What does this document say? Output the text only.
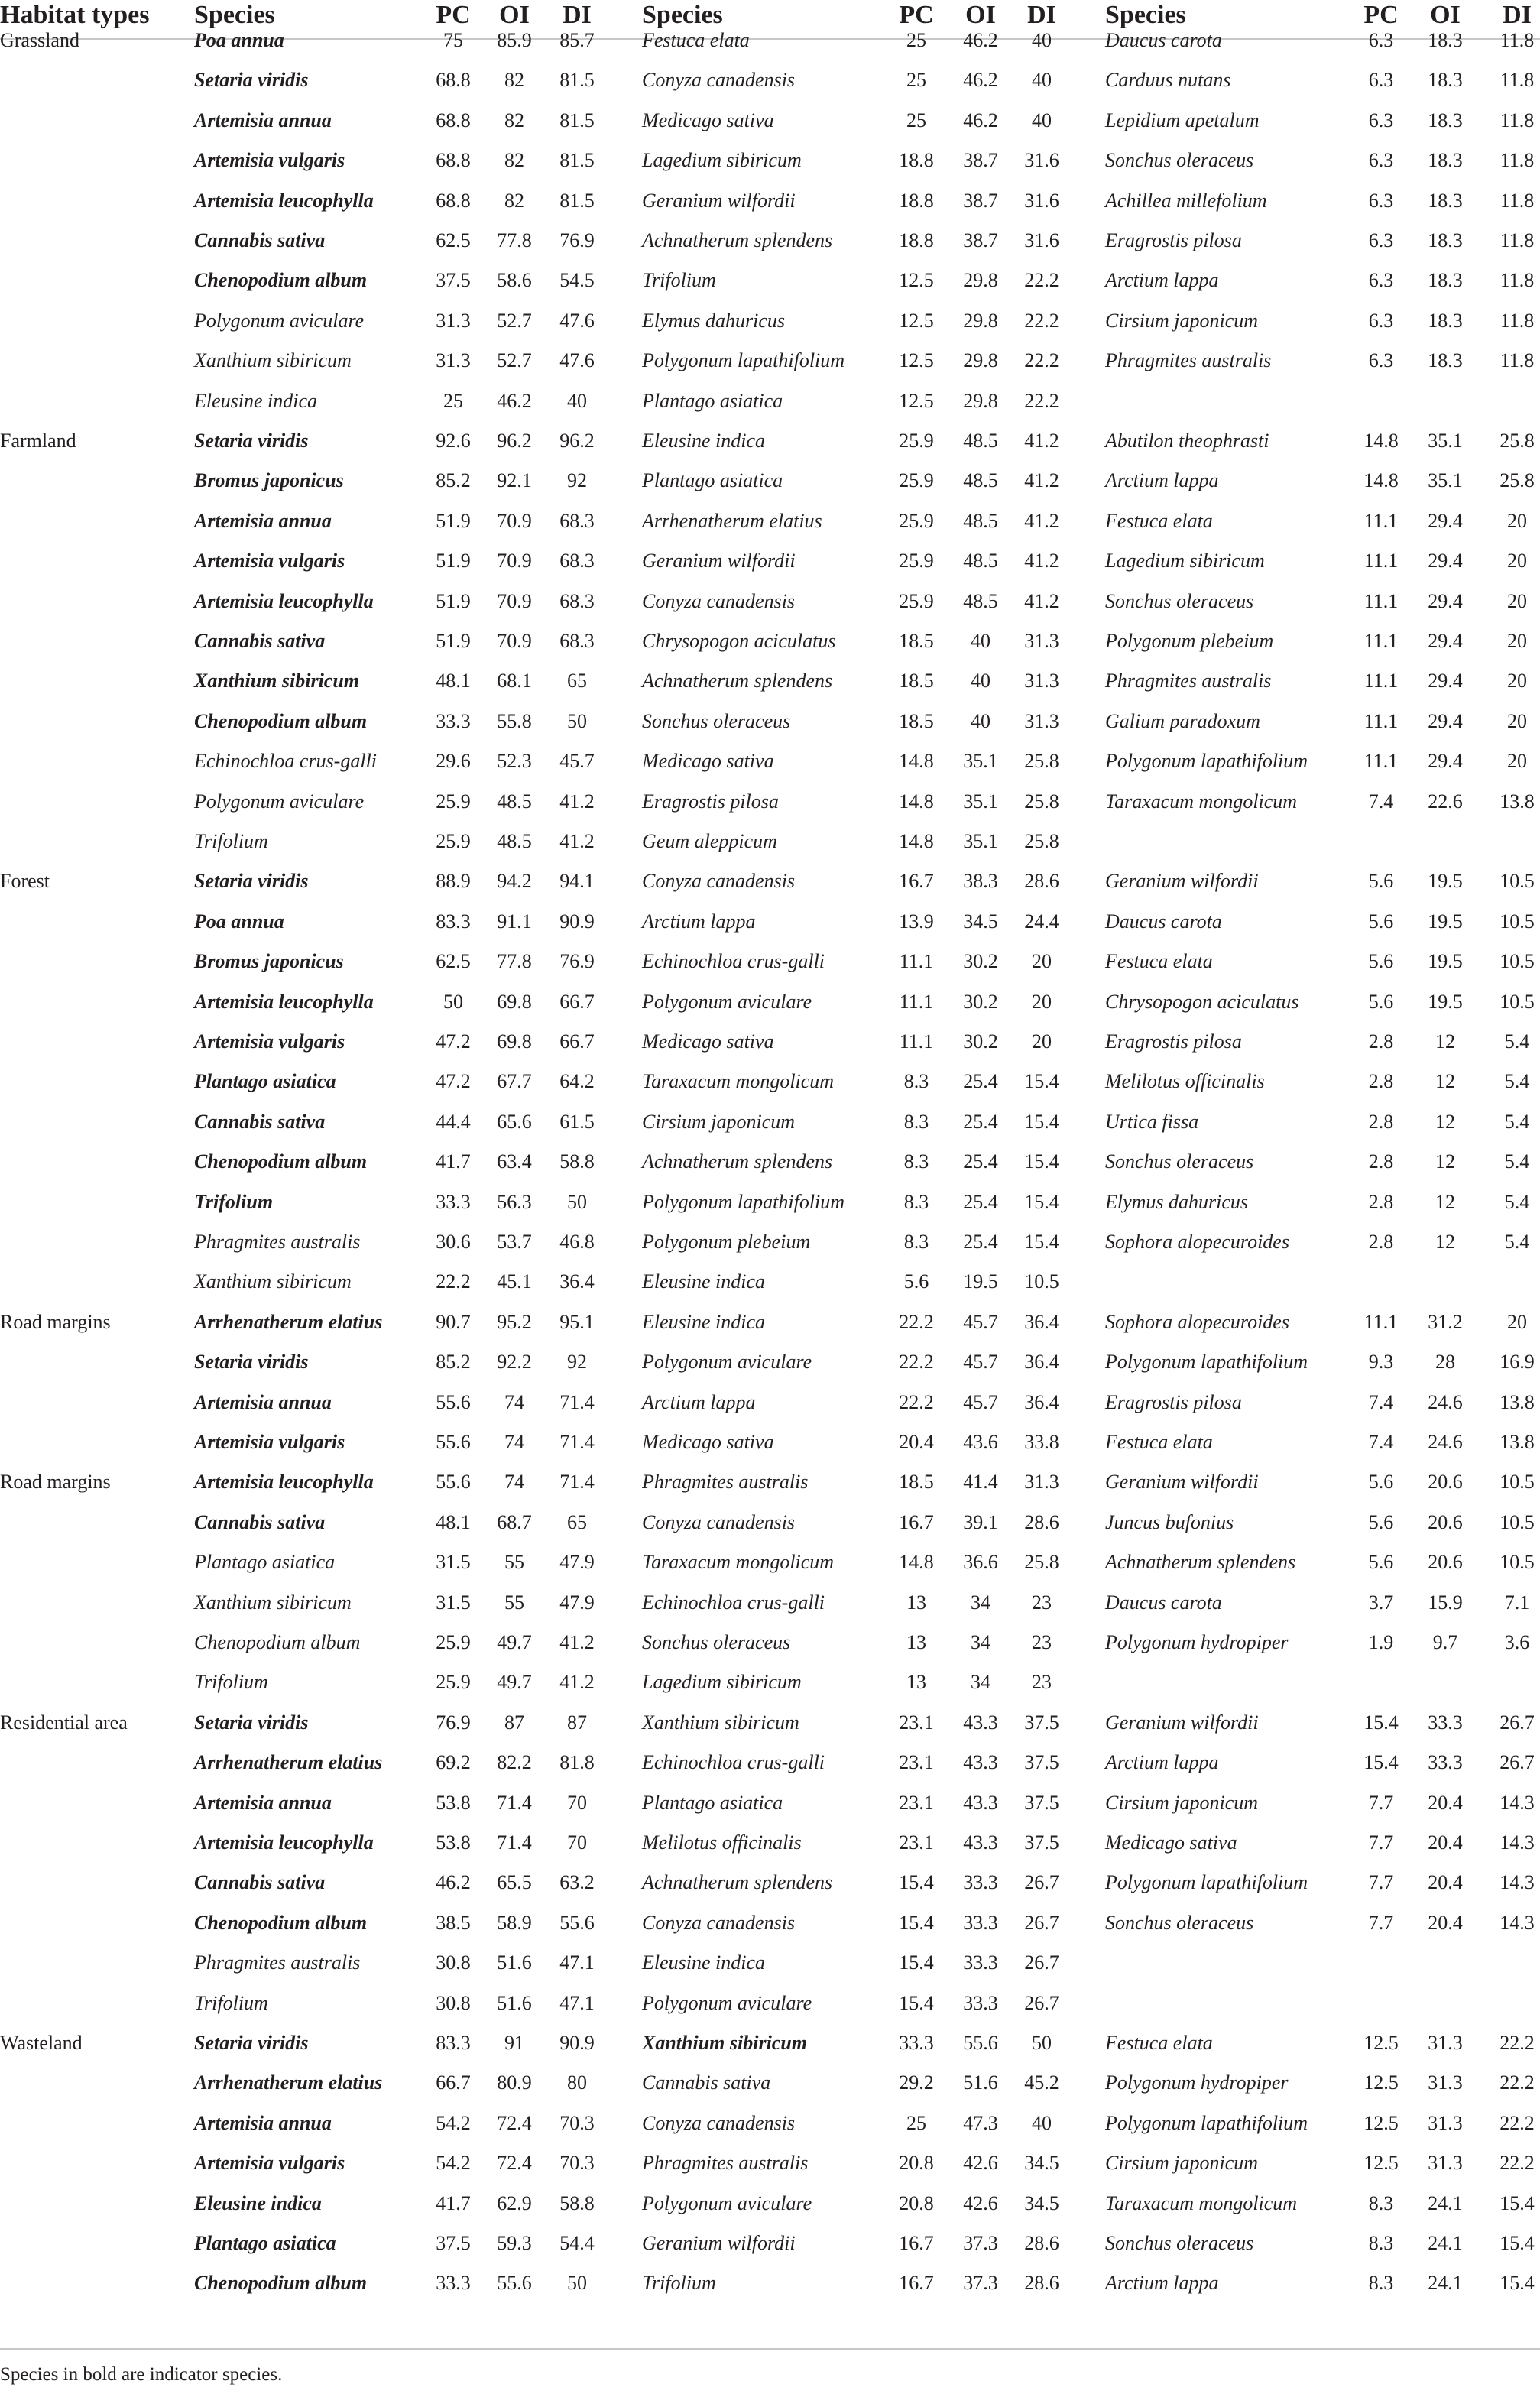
Habitat types Species	PC	OI	DI	Species	PC	OI	DI	Species	PC	OI	DI
Grassland	Poa annua	75	85.9	85.7	Festuca elata	25	46.2	40	Daucus carota	6.3	18.3	11.8
Setaria viridis	68.8	82	81.5	Conyza canadensis	25	46.2	40	Carduus nutans	6.3	18.3	11.8
Artemisia annua	68.8	82	81.5	Medicago sativa	25	46.2	40	Lepidium apetalum	6.3	18.3	11.8
Artemisia vulgaris	68.8	82	81.5	Lagedium sibiricum	18.8	38.7	31.6	Sonchus oleraceus	6.3	18.3	11.8
Artemisia leucophylla	68.8	82	81.5	Geranium wilfordii	18.8	38.7	31.6	Achillea millefolium	6.3	18.3	11.8
Cannabis sativa	62.5	77.8	76.9	Achnatherum splendens	18.8	38.7	31.6	Eragrostis pilosa	6.3	18.3	11.8
Chenopodium album	37.5	58.6	54.5	Trifolium	12.5	29.8	22.2	Arctium lappa	6.3	18.3	11.8
Polygonum aviculare	31.3	52.7	47.6	Elymus dahuricus	12.5	29.8	22.2	Cirsium japonicum	6.3	18.3	11.8
Xanthium sibiricum	31.3	52.7	47.6	Polygonum lapathifolium	12.5	29.8	22.2	Phragmites australis	6.3	18.3	11.8
Eleusine indica	25	46.2	40	Plantago asiatica	12.5	29.8	22.2
Farmland	Setaria viridis	92.6	96.2	96.2	Eleusine indica	25.9	48.5	41.2	Abutilon theophrasti	14.8	35.1	25.8
Bromus japonicus	85.2	92.1	92	Plantago asiatica	25.9	48.5	41.2	Arctium lappa	14.8	35.1	25.8
Artemisia annua	51.9	70.9	68.3	Arrhenatherum elatius	25.9	48.5	41.2	Festuca elata	11.1	29.4	20
Artemisia vulgaris	51.9	70.9	68.3	Geranium wilfordii	25.9	48.5	41.2	Lagedium sibiricum	11.1	29.4	20
Artemisia leucophylla	51.9	70.9	68.3	Conyza canadensis	25.9	48.5	41.2	Sonchus oleraceus	11.1	29.4	20
Cannabis sativa	51.9	70.9	68.3	Chrysopogon aciculatus	18.5	40	31.3	Polygonum plebeium	11.1	29.4	20
Xanthium sibiricum	48.1	68.1	65	Achnatherum splendens	18.5	40	31.3	Phragmites australis	11.1	29.4	20
Chenopodium album	33.3	55.8	50	Sonchus oleraceus	18.5	40	31.3	Galium paradoxum	11.1	29.4	20
Echinochloa crus-galli	29.6	52.3	45.7	Medicago sativa	14.8	35.1	25.8	Polygonum lapathifolium	11.1	29.4	20
Polygonum aviculare	25.9	48.5	41.2	Eragrostis pilosa	14.8	35.1	25.8	Taraxacum mongolicum	7.4	22.6	13.8
Trifolium	25.9	48.5	41.2	Geum aleppicum	14.8	35.1	25.8
Forest	Setaria viridis	88.9	94.2	94.1	Conyza canadensis	16.7	38.3	28.6	Geranium wilfordii	5.6	19.5	10.5
Poa annua	83.3	91.1	90.9	Arctium lappa	13.9	34.5	24.4	Daucus carota	5.6	19.5	10.5
Bromus japonicus	62.5	77.8	76.9	Echinochloa crus-galli	11.1	30.2	20	Festuca elata	5.6	19.5	10.5
Artemisia leucophylla	50	69.8	66.7	Polygonum aviculare	11.1	30.2	20	Chrysopogon aciculatus	5.6	19.5	10.5
Artemisia vulgaris	47.2	69.8	66.7	Medicago sativa	11.1	30.2	20	Eragrostis pilosa	2.8	12	5.4
Plantago asiatica	47.2	67.7	64.2	Taraxacum mongolicum	8.3	25.4	15.4	Melilotus officinalis	2.8	12	5.4
Cannabis sativa	44.4	65.6	61.5	Cirsium japonicum	8.3	25.4	15.4	Urtica fissa	2.8	12	5.4
Chenopodium album	41.7	63.4	58.8	Achnatherum splendens	8.3	25.4	15.4	Sonchus oleraceus	2.8	12	5.4
Trifolium	33.3	56.3	50	Polygonum lapathifolium	8.3	25.4	15.4	Elymus dahuricus	2.8	12	5.4
Phragmites australis	30.6	53.7	46.8	Polygonum plebeium	8.3	25.4	15.4	Sophora alopecuroides	2.8	12	5.4
Xanthium sibiricum	22.2	45.1	36.4	Eleusine indica	5.6	19.5	10.5
Road margins	Arrhenatherum elatius	90.7	95.2	95.1	Eleusine indica	22.2	45.7	36.4	Sophora alopecuroides	11.1	31.2	20
Setaria viridis	85.2	92.2	92	Polygonum aviculare	22.2	45.7	36.4	Polygonum lapathifolium	9.3	28	16.9
Artemisia annua	55.6	74	71.4	Arctium lappa	22.2	45.7	36.4	Eragrostis pilosa	7.4	24.6	13.8
Artemisia vulgaris	55.6	74	71.4	Medicago sativa	20.4	43.6	33.8	Festuca elata	7.4	24.6	13.8
Road margins	Artemisia leucophylla	55.6	74	71.4	Phragmites australis	18.5	41.4	31.3	Geranium wilfordii	5.6	20.6	10.5
Cannabis sativa	48.1	68.7	65	Conyza canadensis	16.7	39.1	28.6	Juncus bufonius	5.6	20.6	10.5
Plantago asiatica	31.5	55	47.9	Taraxacum mongolicum	14.8	36.6	25.8	Achnatherum splendens	5.6	20.6	10.5
Xanthium sibiricum	31.5	55	47.9	Echinochloa crus-galli	13	34	23	Daucus carota	3.7	15.9	7.1
Chenopodium album	25.9	49.7	41.2	Sonchus oleraceus	13	34	23	Polygonum hydropiper	1.9	9.7	3.6
Trifolium	25.9	49.7	41.2	Lagedium sibiricum	13	34	23
Residential area	Setaria viridis	76.9	87	87	Xanthium sibiricum	23.1	43.3	37.5	Geranium wilfordii	15.4	33.3	26.7
Arrhenatherum elatius	69.2	82.2	81.8	Echinochloa crus-galli	23.1	43.3	37.5	Arctium lappa	15.4	33.3	26.7
Artemisia annua	53.8	71.4	70	Plantago asiatica	23.1	43.3	37.5	Cirsium japonicum	7.7	20.4	14.3
Artemisia leucophylla	53.8	71.4	70	Melilotus officinalis	23.1	43.3	37.5	Medicago sativa	7.7	20.4	14.3
Cannabis sativa	46.2	65.5	63.2	Achnatherum splendens	15.4	33.3	26.7	Polygonum lapathifolium	7.7	20.4	14.3
Chenopodium album	38.5	58.9	55.6	Conyza canadensis	15.4	33.3	26.7	Sonchus oleraceus	7.7	20.4	14.3
Phragmites australis	30.8	51.6	47.1	Eleusine indica	15.4	33.3	26.7
Trifolium	30.8	51.6	47.1	Polygonum aviculare	15.4	33.3	26.7
Wasteland	Setaria viridis	83.3	91	90.9	Xanthium sibiricum	33.3	55.6	50	Festuca elata	12.5	31.3	22.2
Arrhenatherum elatius	66.7	80.9	80	Cannabis sativa	29.2	51.6	45.2	Polygonum hydropiper	12.5	31.3	22.2
Artemisia annua	54.2	72.4	70.3	Conyza canadensis	25	47.3	40	Polygonum lapathifolium	12.5	31.3	22.2
Artemisia vulgaris	54.2	72.4	70.3	Phragmites australis	20.8	42.6	34.5	Cirsium japonicum	12.5	31.3	22.2
Eleusine indica	41.7	62.9	58.8	Polygonum aviculare	20.8	42.6	34.5	Taraxacum mongolicum	8.3	24.1	15.4
Plantago asiatica	37.5	59.3	54.4	Geranium wilfordii	16.7	37.3	28.6	Sonchus oleraceus	8.3	24.1	15.4
Chenopodium album	33.3	55.6	50	Trifolium	16.7	37.3	28.6	Arctium lappa	8.3	24.1	15.4
Species in bold are indicator species.
